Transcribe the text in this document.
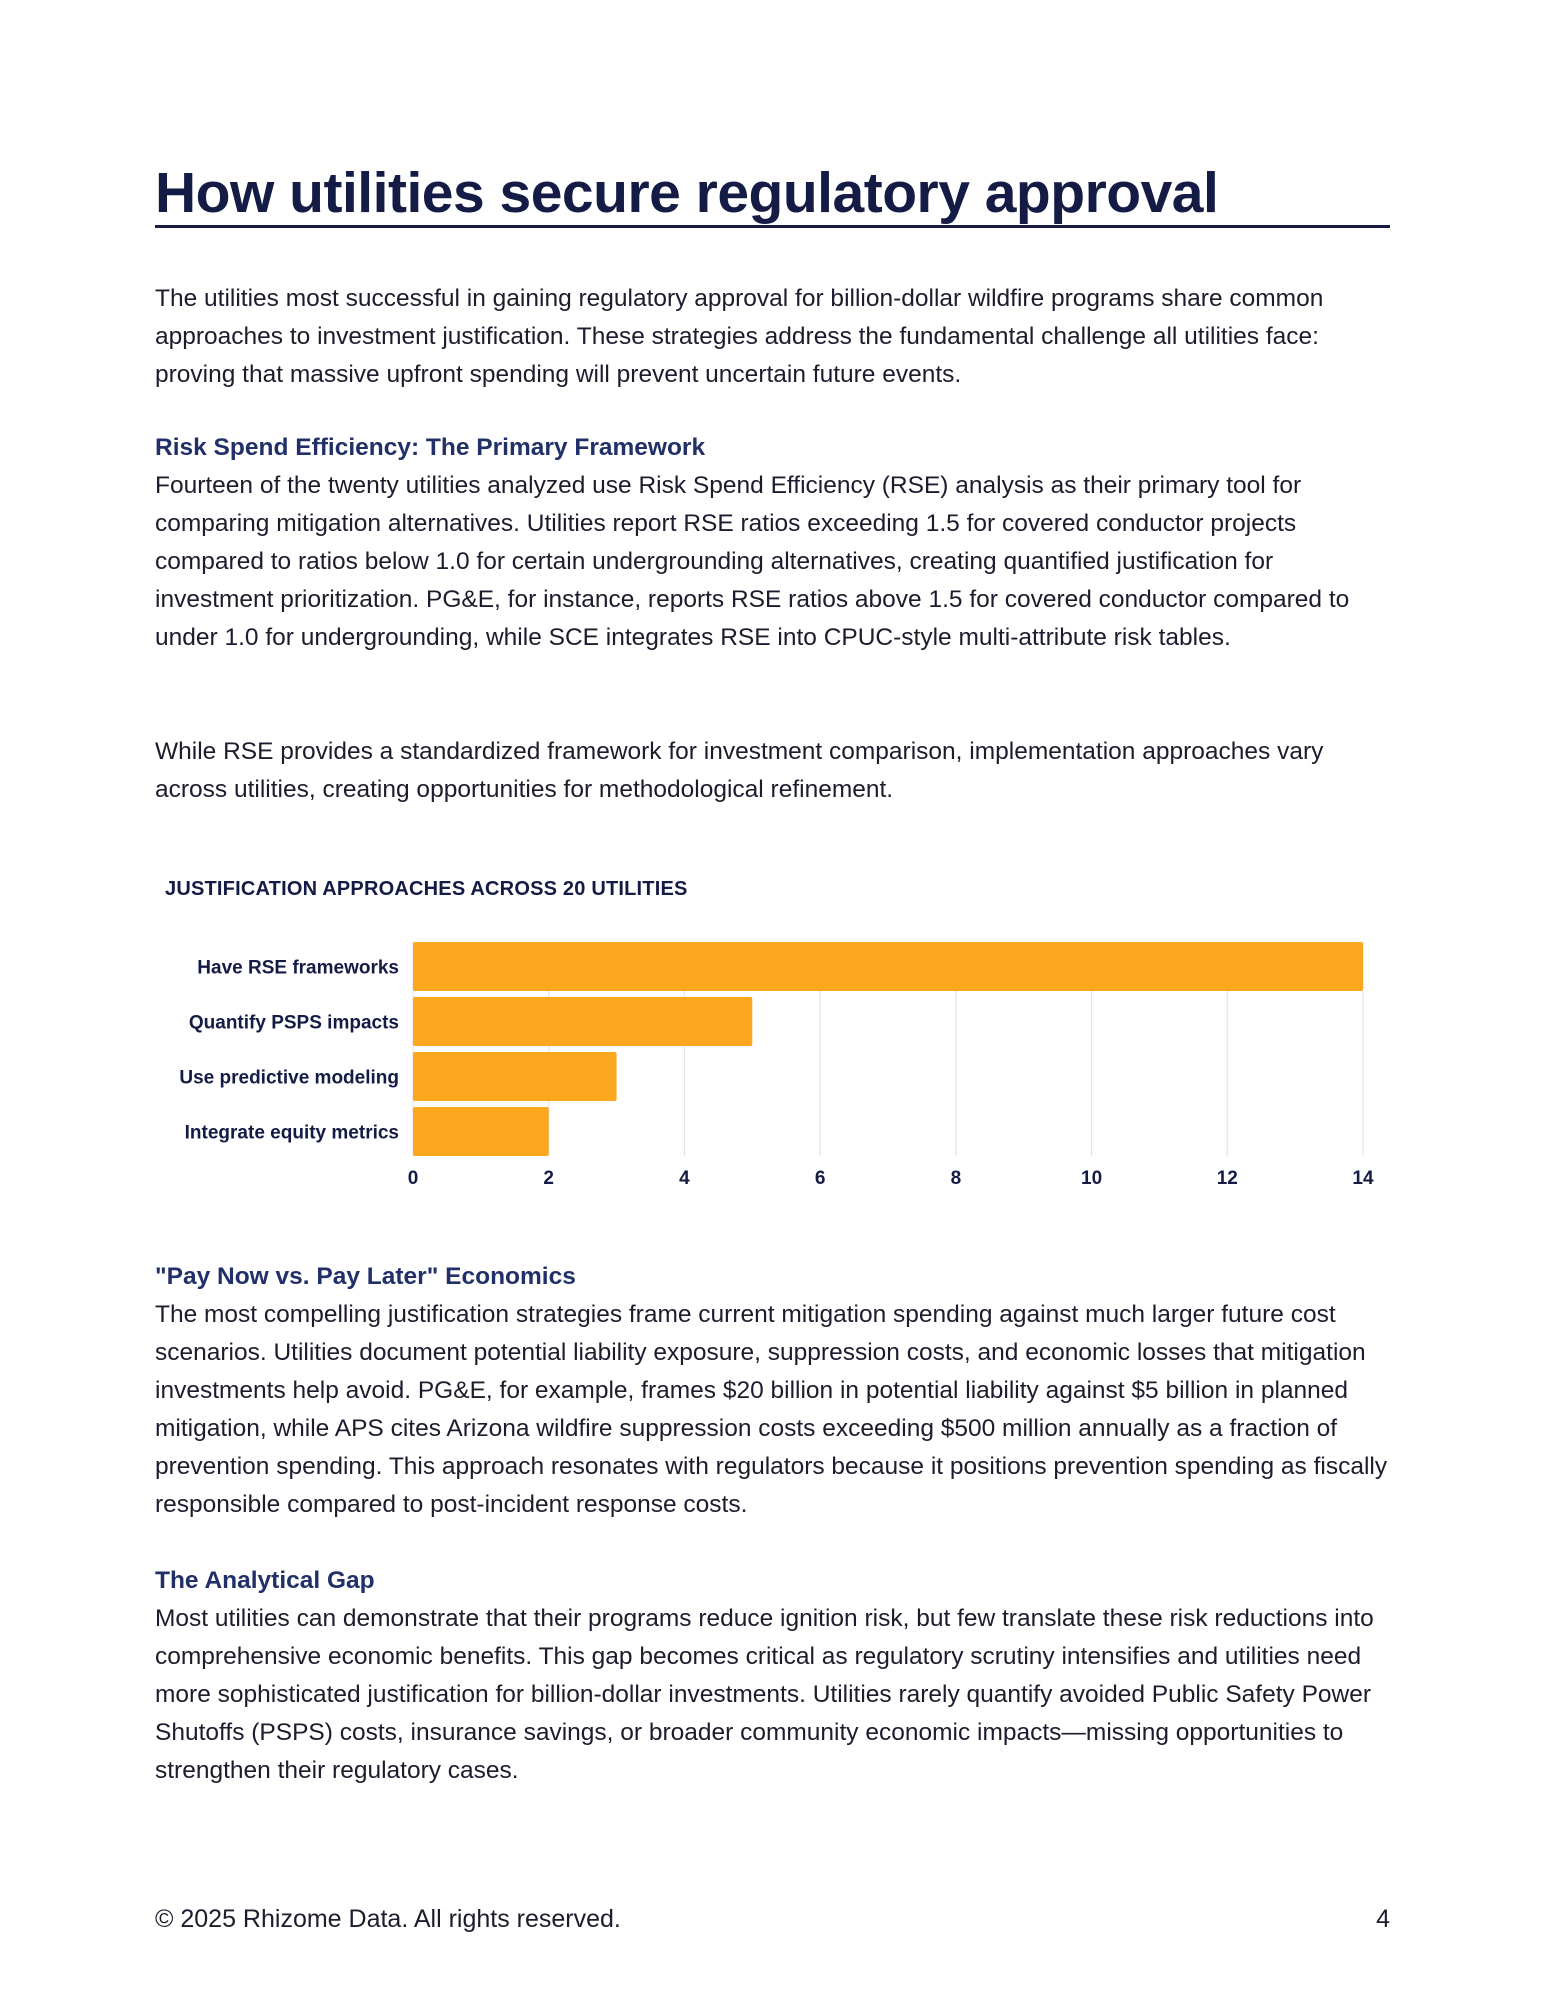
How utilities secure regulatory approval

The utilities most successful in gaining regulatory approval for billion-dollar wildfire programs share common approaches to investment justification. These strategies address the fundamental challenge all utilities face: proving that massive upfront spending will prevent uncertain future events.

Risk Spend Efficiency: The Primary Framework

Fourteen of the twenty utilities analyzed use Risk Spend Efficiency (RSE) analysis as their primary tool for comparing mitigation alternatives. Utilities report RSE ratios exceeding 1.5 for covered conductor projects compared to ratios below 1.0 for certain undergrounding alternatives, creating quantified justification for investment prioritization. PG&E, for instance, reports RSE ratios above 1.5 for covered conductor compared to under 1.0 for undergrounding, while SCE integrates RSE into CPUC-style multi-attribute risk tables.

While RSE provides a standardized framework for investment comparison, implementation approaches vary across utilities, creating opportunities for methodological refinement.

JUSTIFICATION APPROACHES ACROSS 20 UTILITIES

Have RSE frameworks
Quantify PSPS impacts
Use predictive modeling
Integrate equity metrics
0	2	4	6	8	10	12	14
"Pay Now vs. Pay Later" Economics

The most compelling justification strategies frame current mitigation spending against much larger future cost scenarios. Utilities document potential liability exposure, suppression costs, and economic losses that mitigation investments help avoid. PG&E, for example, frames $20 billion in potential liability against $5 billion in planned mitigation, while APS cites Arizona wildfire suppression costs exceeding $500 million annually as a fraction of prevention spending. This approach resonates with regulators because it positions prevention spending as fiscally responsible compared to post-incident response costs.

The Analytical Gap

Most utilities can demonstrate that their programs reduce ignition risk, but few translate these risk reductions into comprehensive economic benefits. This gap becomes critical as regulatory scrutiny intensifies and utilities need more sophisticated justification for billion-dollar investments. Utilities rarely quantify avoided Public Safety Power Shutoffs (PSPS) costs, insurance savings, or broader community economic impacts—missing opportunities to strengthen their regulatory cases.

© 2025 Rhizome Data. All rights reserved.	4
